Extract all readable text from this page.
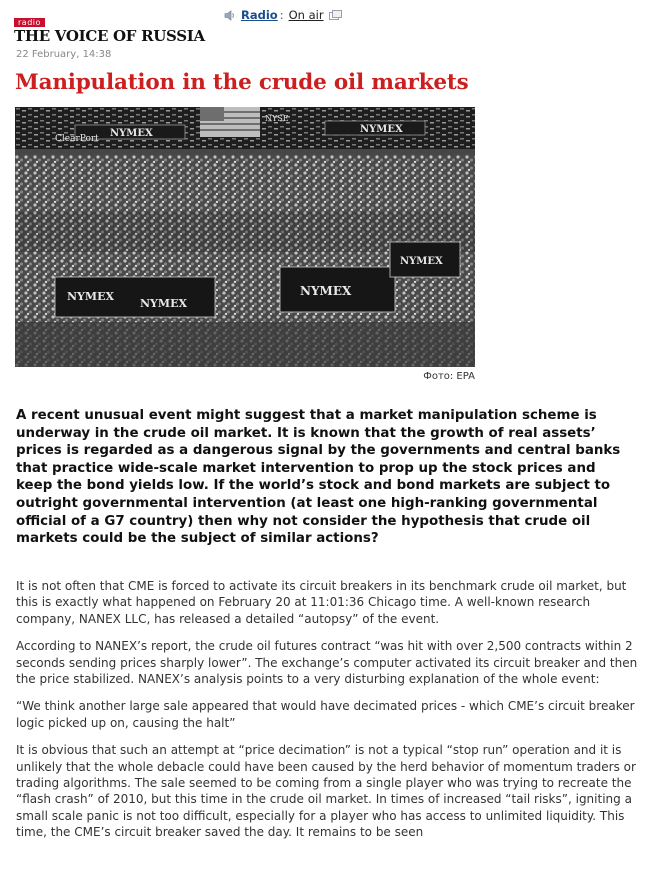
radio
THE VOICE OF RUSSIA
Radio : On air
22 February, 14:38
Manipulation in the crude oil markets
NYMEX	NYMEX
NYMEX
NYMEX
NYMEX
NYMEX
ClearPort
NYSE
Фото: EPA

A recent unusual event might suggest that a market manipulation scheme is underway in the crude oil market. It is known that the growth of real assets’ prices is regarded as a dangerous signal by the governments and central banks that practice wide-scale market intervention to prop up the stock prices and keep the bond yields low. If the world’s stock and bond markets are subject to outright governmental intervention (at least one high-ranking governmental official of a G7 country) then why not consider the hypothesis that crude oil markets could be the subject of similar actions?

It is not often that CME is forced to activate its circuit breakers in its benchmark crude oil market, but this is exactly what happened on February 20 at 11:01:36 Chicago time. A well-known research company, NANEX LLC, has released a detailed “autopsy” of the event.

According to NANEX’s report, the crude oil futures contract “was hit with over 2,500 contracts within 2 seconds sending prices sharply lower”. The exchange’s computer activated its circuit breaker and then the price stabilized. NANEX’s analysis points to a very disturbing explanation of the whole event:

“We think another large sale appeared that would have decimated prices - which CME’s circuit breaker logic picked up on, causing the halt”

It is obvious that such an attempt at “price decimation” is not a typical “stop run” operation and it is unlikely that the whole debacle could have been caused by the herd behavior of momentum traders or trading algorithms. The sale seemed to be coming from a single player who was trying to recreate the “flash crash” of 2010, but this time in the crude oil market. In times of increased “tail risks”, igniting a small scale panic is not too difficult, especially for a player who has access to unlimited liquidity. This time, the CME’s circuit breaker saved the day. It remains to be seen
